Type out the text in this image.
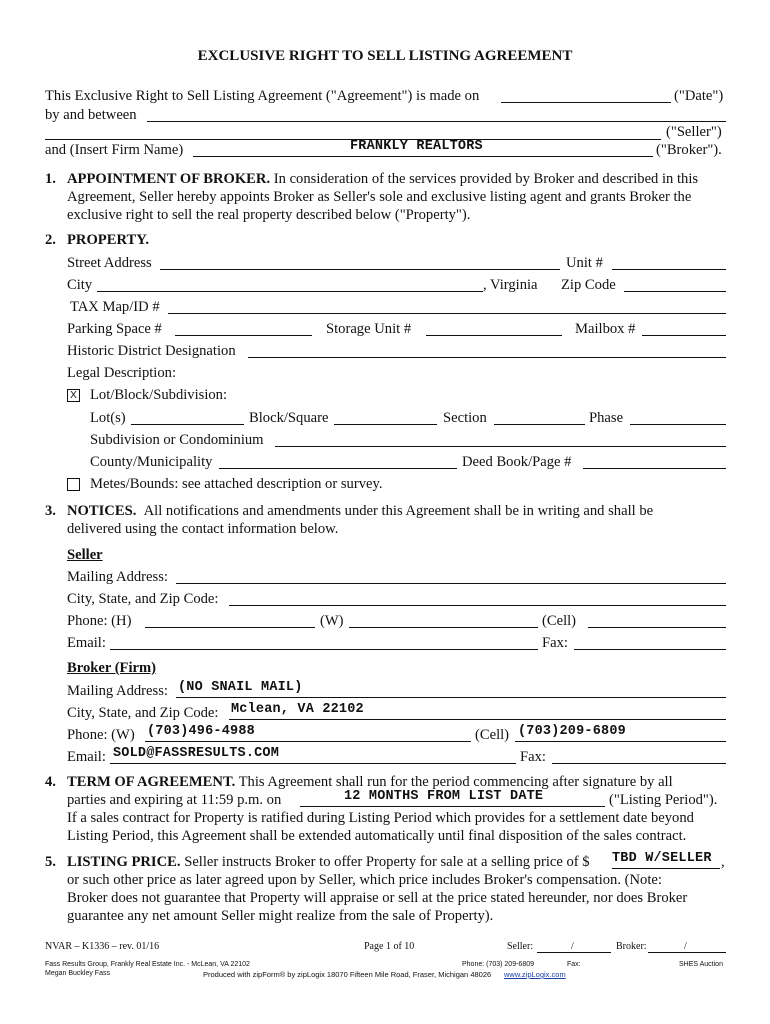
EXCLUSIVE RIGHT TO SELL LISTING AGREEMENT
This Exclusive Right to Sell Listing Agreement ("Agreement") is made on	("Date")
by and between
("Seller")
and (Insert Firm Name)	FRANKLY REALTORS	("Broker").
1. APPOINTMENT OF BROKER. In consideration of the services provided by Broker and described in this
Agreement, Seller hereby appoints Broker as Seller's sole and exclusive listing agent and grants Broker the
exclusive right to sell the real property described below ("Property").
2. PROPERTY.
Street Address	Unit #
City	, Virginia Zip Code
TAX Map/ID #
Parking Space #	Storage Unit #	Mailbox #
Historic District Designation
Legal Description:
X Lot/Block/Subdivision:
Lot(s)	Block/Square	Section	Phase
Subdivision or Condominium
County/Municipality	Deed Book/Page #
Metes/Bounds: see attached description or survey.
3. NOTICES. All notifications and amendments under this Agreement shall be in writing and shall be
delivered using the contact information below.
Seller
Mailing Address:
City, State, and Zip Code:
Phone: (H)	(W)	(Cell)
Email:	Fax:
Broker (Firm)
Mailing Address: (NO SNAIL MAIL)
City, State, and Zip Code: Mclean, VA 22102
Phone: (W) (703)496-4988	(Cell) (703)209-6809
Email: SOLD@FASSRESULTS.COM	Fax:
4. TERM OF AGREEMENT. This Agreement shall run for the period commencing after signature by all
parties and expiring at 11:59 p.m. on	12 MONTHS FROM LIST DATE	("Listing Period").
If a sales contract for Property is ratified during Listing Period which provides for a settlement date beyond
Listing Period, this Agreement shall be extended automatically until final disposition of the sales contract.
5. LISTING PRICE. Seller instructs Broker to offer Property for sale at a selling price of $ TBD W/SELLER ,
or such other price as later agreed upon by Seller, which price includes Broker's compensation. (Note:
Broker does not guarantee that Property will appraise or sell at the price stated hereunder, nor does Broker
guarantee any net amount Seller might realize from the sale of Property).
NVAR – K1336 – rev. 01/16	Page 1 of 10	Seller:	/	Broker:	/
Fass Results Group, Frankly Real Estate Inc. - McLean, VA 22102
Megan Buckley Fass
Phone: (703) 209-6809	Fax:	SHES Auction
Produced with zipForm® by zipLogix 18070 Fifteen Mile Road, Fraser, Michigan 48026 www.zipLogix.com
